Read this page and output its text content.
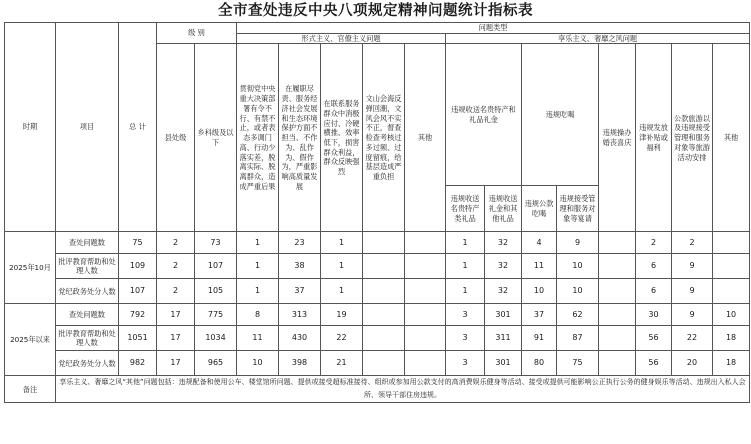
全市查处违反中央八项规定精神问题统计指标表
时期	项目	总 计	级 别		问题类型												
					形式主义、官僚主义问题					享乐主义、奢靡之风问题							
			县处级	乡科级及以下	贯彻党中央重大决策部署有令不行、有禁不止，或者表态多调门高、行动少落实差，脱离实际、脱离群众，造成严重后果	在履职尽责、服务经济社会发展和生态环境保护方面不担当、不作为、乱作为、假作为，严重影响高质量发展	在联系服务群众中消极应付、冷硬横推、效率低下，损害群众利益，群众反映强烈	文山会海反弹回潮，文风会风不实不正，督查检查考核过多过频、过度留痕，给基层造成严重负担	其他	违规收送名贵特产和礼品礼金		违规吃喝		违规操办婚丧喜庆	违规发放津补贴或福利	公款旅游以及违规接受管理和服务对象等旅游活动安排	其他
										违规收送名贵特产类礼品	违规收送礼金和其他礼品	违规公款吃喝	违规接受管理和服务对象等宴请				
2025年10月	查处问题数	75	2	73	1	23	1			1	32	4	9		2	2	
	批评教育帮助和处理人数	109	2	107	1	38	1			1	32	11	10		6	9	
	党纪政务处分人数	107	2	105	1	37	1			1	32	10	10		6	9	
2025年以来	查处问题数	792	17	775	8	313	19			3	301	37	62		30	9	10
	批评教育帮助和处理人数	1051	17	1034	11	430	22			3	311	91	87		56	22	18
	党纪政务处分人数	982	17	965	10	398	21			3	301	80	75		56	20	18
备注	享乐主义、奢靡之风“其他”问题包括：违规配备和使用公车、楼堂馆所问题、提供或接受超标准接待、组织或参加用公款支付的高消费娱乐健身等活动、接受或提供可能影响公正执行公务的健身娱乐等活动、违规出入私人会所、领导干部住房违规。																
